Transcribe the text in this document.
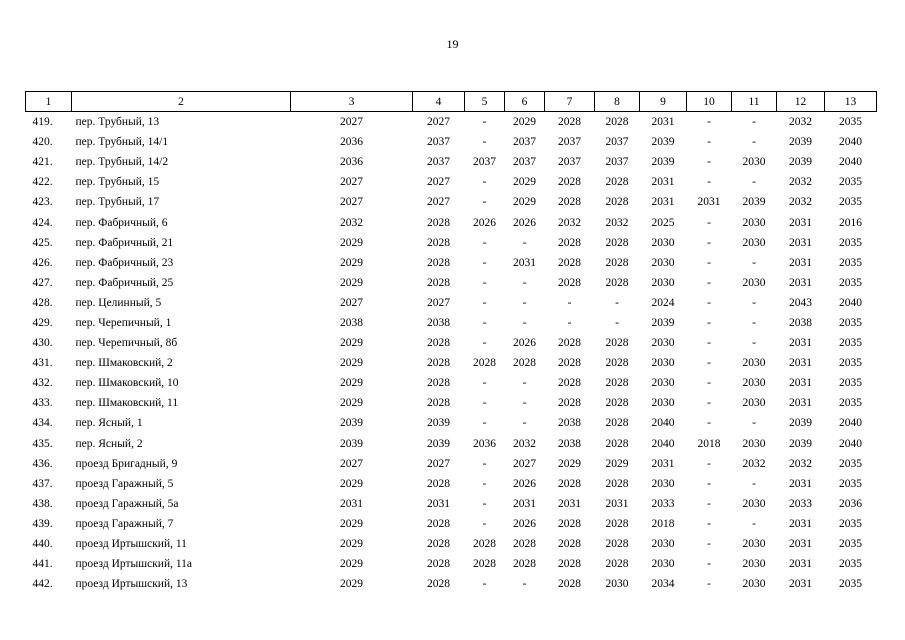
19
1	2	3	4	5	6	7	8	9	10	11	12	13
419.	пер. Трубный, 13	2027	2027	-	2029	2028	2028	2031	-	-	2032	2035
420.	пер. Трубный, 14/1	2036	2037	-	2037	2037	2037	2039	-	-	2039	2040
421.	пер. Трубный, 14/2	2036	2037	2037	2037	2037	2037	2039	-	2030	2039	2040
422.	пер. Трубный, 15	2027	2027	-	2029	2028	2028	2031	-	-	2032	2035
423.	пер. Трубный, 17	2027	2027	-	2029	2028	2028	2031	2031	2039	2032	2035
424.	пер. Фабричный, 6	2032	2028	2026	2026	2032	2032	2025	-	2030	2031	2016
425.	пер. Фабричный, 21	2029	2028	-	-	2028	2028	2030	-	2030	2031	2035
426.	пер. Фабричный, 23	2029	2028	-	2031	2028	2028	2030	-	-	2031	2035
427.	пер. Фабричный, 25	2029	2028	-	-	2028	2028	2030	-	2030	2031	2035
428.	пер. Целинный, 5	2027	2027	-	-	-	-	2024	-	-	2043	2040
429.	пер. Черепичный, 1	2038	2038	-	-	-	-	2039	-	-	2038	2035
430.	пер. Черепичный, 8б	2029	2028	-	2026	2028	2028	2030	-	-	2031	2035
431.	пер. Шмаковский, 2	2029	2028	2028	2028	2028	2028	2030	-	2030	2031	2035
432.	пер. Шмаковский, 10	2029	2028	-	-	2028	2028	2030	-	2030	2031	2035
433.	пер. Шмаковский, 11	2029	2028	-	-	2028	2028	2030	-	2030	2031	2035
434.	пер. Ясный, 1	2039	2039	-	-	2038	2028	2040	-	-	2039	2040
435.	пер. Ясный, 2	2039	2039	2036	2032	2038	2028	2040	2018	2030	2039	2040
436.	проезд Бригадный, 9	2027	2027	-	2027	2029	2029	2031	-	2032	2032	2035
437.	проезд Гаражный, 5	2029	2028	-	2026	2028	2028	2030	-	-	2031	2035
438.	проезд Гаражный, 5а	2031	2031	-	2031	2031	2031	2033	-	2030	2033	2036
439.	проезд Гаражный, 7	2029	2028	-	2026	2028	2028	2018	-	-	2031	2035
440.	проезд Иртышский, 11	2029	2028	2028	2028	2028	2028	2030	-	2030	2031	2035
441.	проезд Иртышский, 11а	2029	2028	2028	2028	2028	2028	2030	-	2030	2031	2035
442.	проезд Иртышский, 13	2029	2028	-	-	2028	2030	2034	-	2030	2031	2035
